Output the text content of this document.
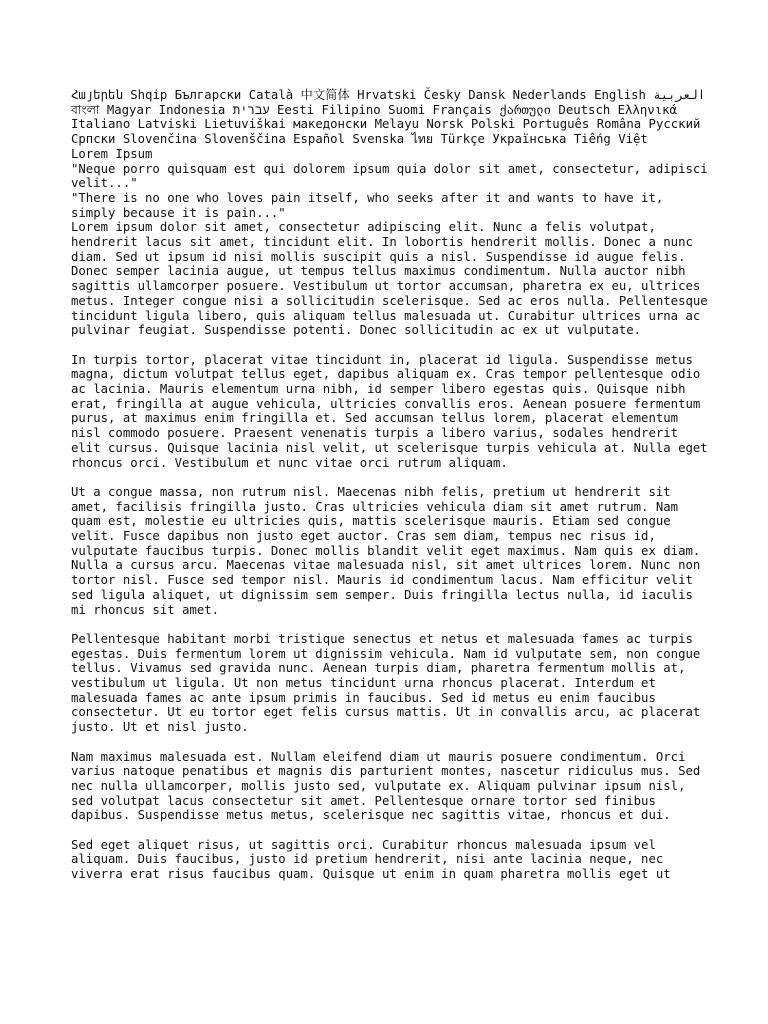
Հայերեն Shqip Български Català 中文简体 Hrvatski Česky Dansk Nederlands English العربيةবাংলা Magyar Indonesia עברית Eesti Filipino Suomi Français ქართული Deutsch ΕλληνικάItaliano Latviski Lietuviškai македонски Melayu Norsk Polski Português Româna РусскийСрпски Slovenčina Slovenščina Español Svenska ไทย Türkçe Українська Tiếng Việt
Lorem Ipsum
"Neque porro quisquam est qui dolorem ipsum quia dolor sit amet, consectetur, adipisci velit..."
"There is no one who loves pain itself, who seeks after it and wants to have it, simply because it is pain..."

Lorem ipsum dolor sit amet, consectetur adipiscing elit. Nunc a felis volutpat, hendrerit lacus sit amet, tincidunt elit. In lobortis hendrerit mollis. Donec a nunc diam. Sed ut ipsum id nisi mollis suscipit quis a nisl. Suspendisse id augue felis. Donec semper lacinia augue, ut tempus tellus maximus condimentum. Nulla auctor nibh sagittis ullamcorper posuere. Vestibulum ut tortor accumsan, pharetra ex eu, ultrices metus. Integer congue nisi a sollicitudin scelerisque. Sed ac eros nulla. Pellentesque tincidunt ligula libero, quis aliquam tellus malesuada ut. Curabitur ultrices urna ac pulvinar feugiat. Suspendisse potenti. Donec sollicitudin ac ex ut vulputate.

In turpis tortor, placerat vitae tincidunt in, placerat id ligula. Suspendisse metus magna, dictum volutpat tellus eget, dapibus aliquam ex. Cras tempor pellentesque odio ac lacinia. Mauris elementum urna nibh, id semper libero egestas quis. Quisque nibh erat, fringilla at augue vehicula, ultricies convallis eros. Aenean posuere fermentum purus, at maximus enim fringilla et. Sed accumsan tellus lorem, placerat elementum nisl commodo posuere. Praesent venenatis turpis a libero varius, sodales hendrerit elit cursus. Quisque lacinia nisl velit, ut scelerisque turpis vehicula at. Nulla eget rhoncus orci. Vestibulum et nunc vitae orci rutrum aliquam.

Ut a congue massa, non rutrum nisl. Maecenas nibh felis, pretium ut hendrerit sit amet, facilisis fringilla justo. Cras ultricies vehicula diam sit amet rutrum. Nam quam est, molestie eu ultricies quis, mattis scelerisque mauris. Etiam sed congue velit. Fusce dapibus non justo eget auctor. Cras sem diam, tempus nec risus id, vulputate faucibus turpis. Donec mollis blandit velit eget maximus. Nam quis ex diam. Nulla a cursus arcu. Maecenas vitae malesuada nisl, sit amet ultrices lorem. Nunc non tortor nisl. Fusce sed tempor nisl. Mauris id condimentum lacus. Nam efficitur velit sed ligula aliquet, ut dignissim sem semper. Duis fringilla lectus nulla, id iaculis mi rhoncus sit amet.

Pellentesque habitant morbi tristique senectus et netus et malesuada fames ac turpis egestas. Duis fermentum lorem ut dignissim vehicula. Nam id vulputate sem, non congue tellus. Vivamus sed gravida nunc. Aenean turpis diam, pharetra fermentum mollis at, vestibulum ut ligula. Ut non metus tincidunt urna rhoncus placerat. Interdum et malesuada fames ac ante ipsum primis in faucibus. Sed id metus eu enim faucibus consectetur. Ut eu tortor eget felis cursus mattis. Ut in convallis arcu, ac placerat justo. Ut et nisl justo.

Nam maximus malesuada est. Nullam eleifend diam ut mauris posuere condimentum. Orci varius natoque penatibus et magnis dis parturient montes, nascetur ridiculus mus. Sed nec nulla ullamcorper, mollis justo sed, vulputate ex. Aliquam pulvinar ipsum nisl, sed volutpat lacus consectetur sit amet. Pellentesque ornare tortor sed finibus dapibus. Suspendisse metus metus, scelerisque nec sagittis vitae, rhoncus et dui.

Sed eget aliquet risus, ut sagittis orci. Curabitur rhoncus malesuada ipsum vel aliquam. Duis faucibus, justo id pretium hendrerit, nisi ante lacinia neque, nec viverra erat risus faucibus quam. Quisque ut enim in quam pharetra mollis eget ut
